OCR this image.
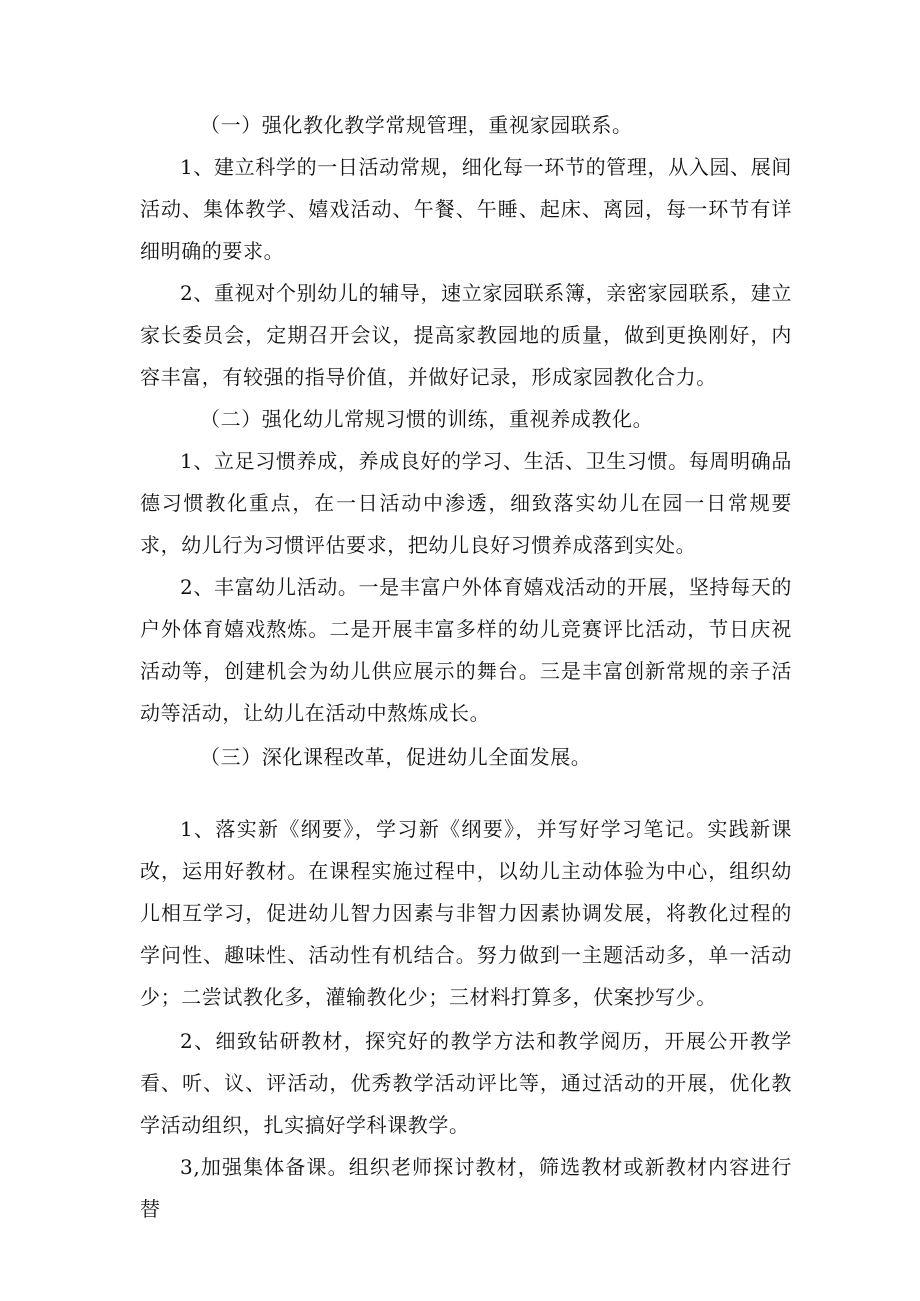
（一）强化教化教学常规管理，重视家园联系。

1、建立科学的一日活动常规，细化每一环节的管理，从入园、展间活动、集体教学、嬉戏活动、午餐、午睡、起床、离园，每一环节有详细明确的要求。

2、重视对个别幼儿的辅导，速立家园联系簿，亲密家园联系，建立家长委员会，定期召开会议，提高家教园地的质量，做到更换刚好，内容丰富，有较强的指导价值，并做好记录，形成家园教化合力。

（二）强化幼儿常规习惯的训练，重视养成教化。

1、立足习惯养成，养成良好的学习、生活、卫生习惯。每周明确品德习惯教化重点，在一日活动中渗透，细致落实幼儿在园一日常规要求，幼儿行为习惯评估要求，把幼儿良好习惯养成落到实处。

2、丰富幼儿活动。一是丰富户外体育嬉戏活动的开展，坚持每天的户外体育嬉戏熬炼。二是开展丰富多样的幼儿竞赛评比活动，节日庆祝活动等，创建机会为幼儿供应展示的舞台。三是丰富创新常规的亲子活动等活动，让幼儿在活动中熬炼成长。

（三）深化课程改革，促进幼儿全面发展。

1、落实新《纲要》，学习新《纲要》，并写好学习笔记。实践新课改，运用好教材。在课程实施过程中，以幼儿主动体验为中心，组织幼儿相互学习，促进幼儿智力因素与非智力因素协调发展，将教化过程的学问性、趣味性、活动性有机结合。努力做到一主题活动多，单一活动少；二尝试教化多，灌输教化少；三材料打算多，伏案抄写少。

2、细致钻研教材，探究好的教学方法和教学阅历，开展公开教学看、听、议、评活动，优秀教学活动评比等，通过活动的开展，优化教学活动组织，扎实搞好学科课教学。

3,加强集体备课。组织老师探讨教材，筛选教材或新教材内容进行替
